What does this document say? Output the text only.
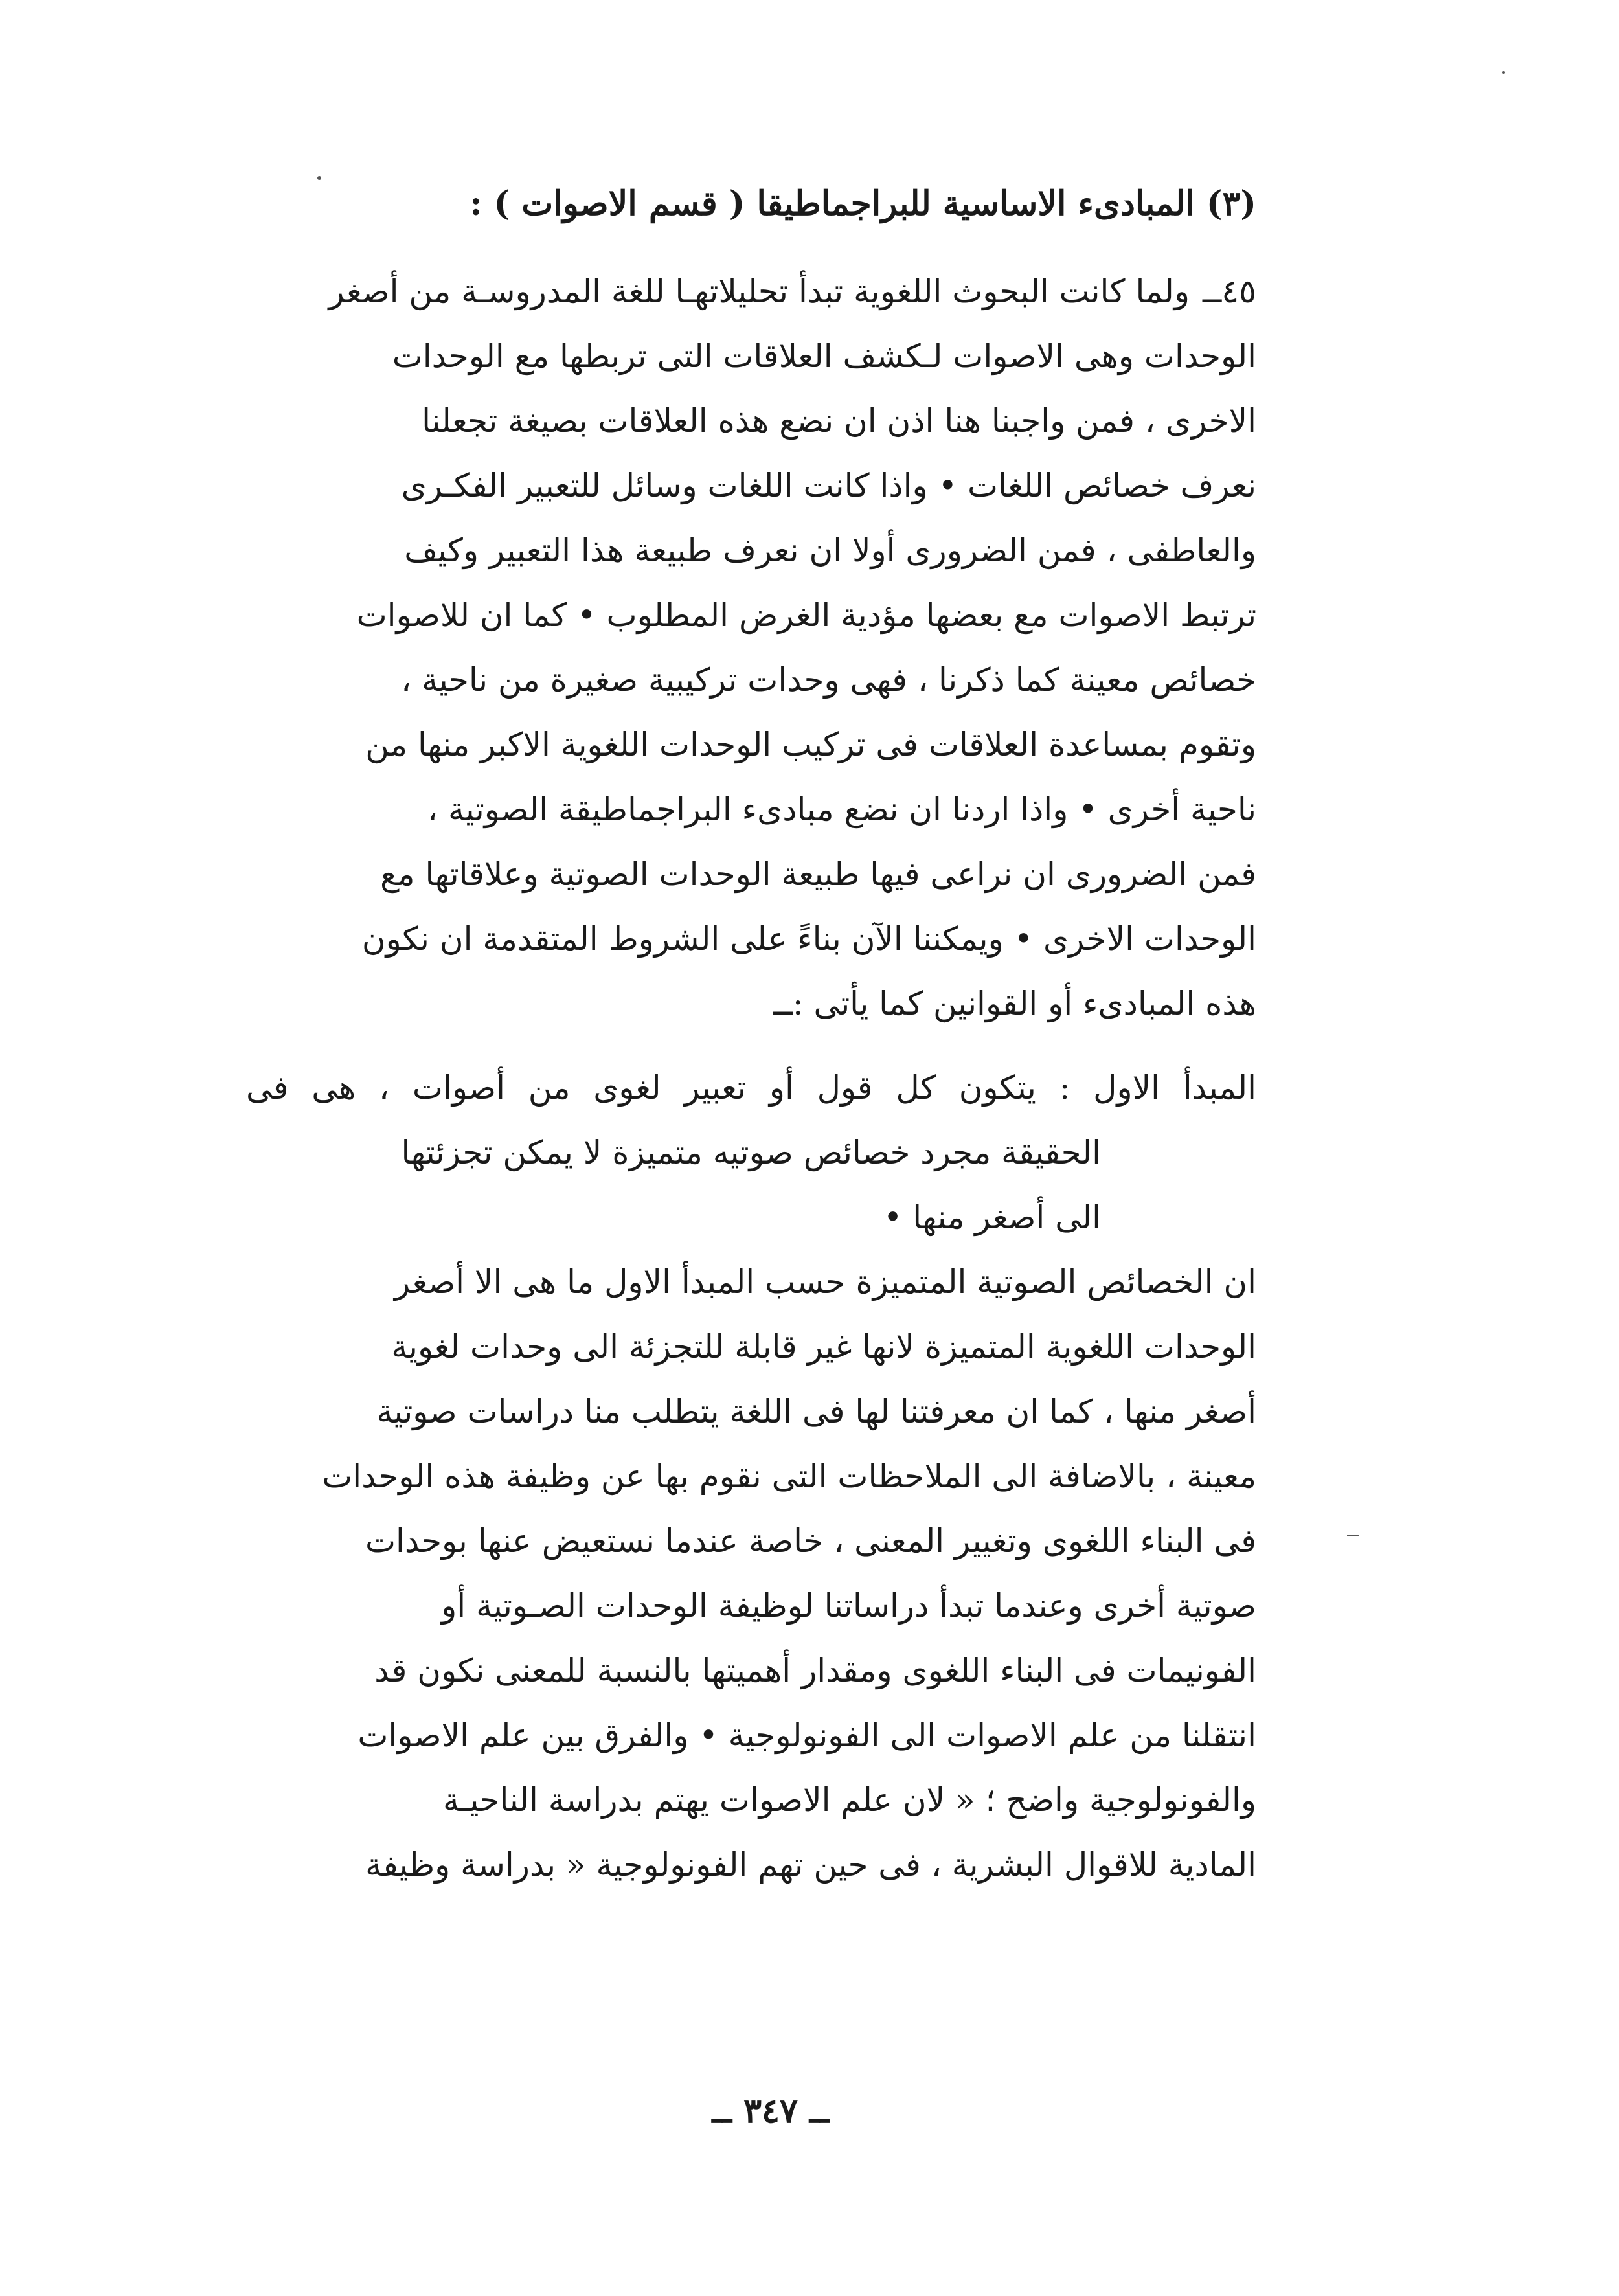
(٣) المبادىء الاساسية للبراجماطيقا ( قسم الاصوات ) :
٤٥ــولما كانت البحوث اللغوية تبدأ تحليلاتهـا للغة المدروسـة من أصغر
الوحدات وهى الاصوات لـكشف العلاقات التى تربطها مع الوحدات
الاخرى ، فمن واجبنا هنا اذن ان نضع هذه العلاقات بصيغة تجعلنا
نعرف خصائص اللغات • واذا كانت اللغات وسائل للتعبير الفكـرى
والعاطفى ، فمن الضرورى أولا ان نعرف طبيعة هذا التعبير وكيف
ترتبط الاصوات مع بعضها مؤدية الغرض المطلوب • كما ان للاصوات
خصائص معينة كما ذكرنا ، فهى وحدات تركيبية صغيرة من ناحية ،
وتقوم بمساعدة العلاقات فى تركيب الوحدات اللغوية الاكبر منها من
ناحية أخرى • واذا اردنا ان نضع مبادىء البراجماطيقة الصوتية ،
فمن الضرورى ان نراعى فيها طبيعة الوحدات الصوتية وعلاقاتها مع
الوحدات الاخرى • ويمكننا الآن بناءً على الشروط المتقدمة ان نكون
هذه المبادىء أو القوانين كما يأتى :ــ
المبدأ الاول : يتكون كل قول أو تعبير لغوى من أصوات ، هى فى
الحقيقة مجرد خصائص صوتيه متميزة لا يمكن تجزئتها
الى أصغر منها •
ان الخصائص الصوتية المتميزة حسب المبدأ الاول ما هى الا أصغر
الوحدات اللغوية المتميزة لانها غير قابلة للتجزئة الى وحدات لغوية
أصغر منها ، كما ان معرفتنا لها فى اللغة يتطلب منا دراسات صوتية
معينة ، بالاضافة الى الملاحظات التى نقوم بها عن وظيفة هذه الوحدات
فى البناء اللغوى وتغيير المعنى ، خاصة عندما نستعيض عنها بوحدات
صوتية أخرى وعندما تبدأ دراساتنا لوظيفة الوحدات الصـوتية أو
الفونيمات فى البناء اللغوى ومقدار أهميتها بالنسبة للمعنى نكون قد
انتقلنا من علم الاصوات الى الفونولوجية • والفرق بين علم الاصوات
والفونولوجية واضح ؛ « لان علم الاصوات يهتم بدراسة الناحيـة
المادية للاقوال البشرية ، فى حين تهم الفونولوجية « بدراسة وظيفة
ــ ٣٤٧ ــ
